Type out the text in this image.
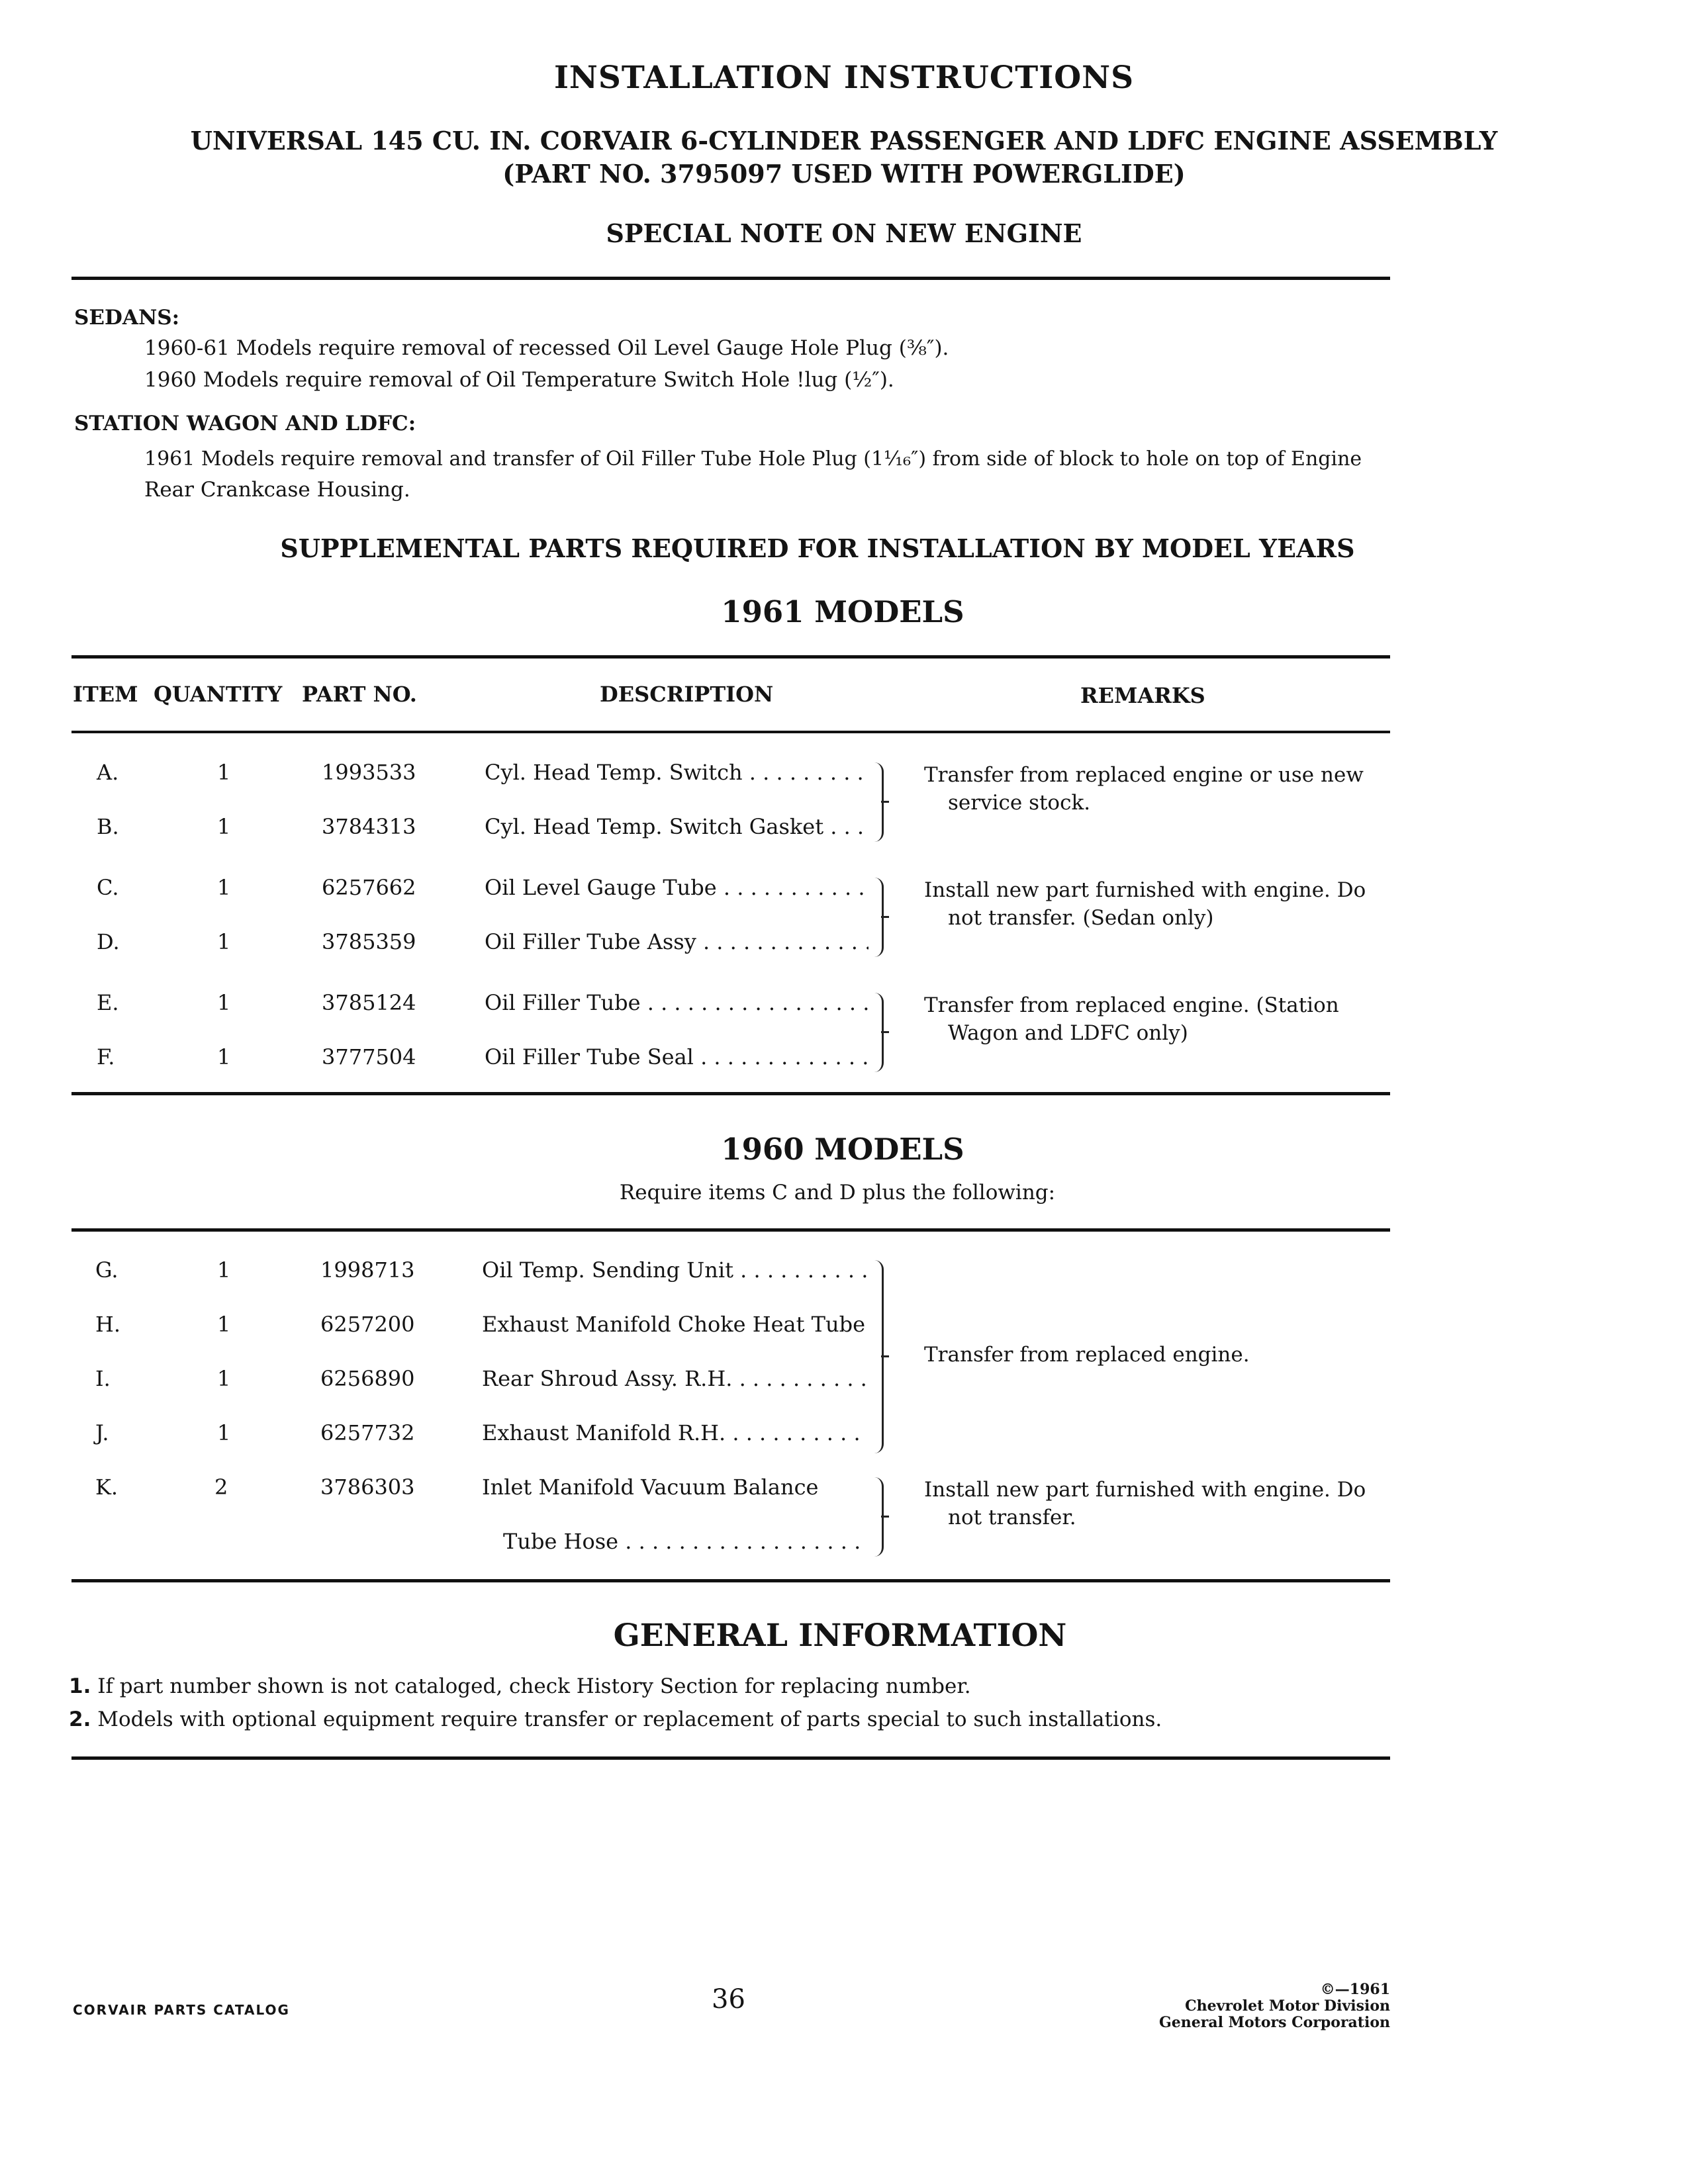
INSTALLATION INSTRUCTIONS
UNIVERSAL 145 CU. IN. CORVAIR 6-CYLINDER PASSENGER AND LDFC ENGINE ASSEMBLY
(PART NO. 3795097 USED WITH POWERGLIDE)
SPECIAL NOTE ON NEW ENGINE
SEDANS:
1960-61 Models require removal of recessed Oil Level Gauge Hole Plug (⅜″).
1960 Models require removal of Oil Temperature Switch Hole !lug (½″).
STATION WAGON AND LDFC:
1961 Models require removal and transfer of Oil Filler Tube Hole Plug (1¹⁄₁₆″) from side of block to hole on top of Engine
Rear Crankcase Housing.
SUPPLEMENTAL PARTS REQUIRED FOR INSTALLATION BY MODEL YEARS
1961 MODELS
ITEM QUANTITY PART NO.	DESCRIPTION	REMARKS
A.	1	1993533	Cyl. Head Temp. Switch . . .
B.	1	3784313	Cyl. Head Temp. Switch Gasket . . .
Transfer from replaced engine or use new
service stock.
C.	1	6257662	Oil Level Gauge Tube . . .
D.	1	3785359	Oil Filler Tube Assy . . .
Install new part furnished with engine. Do
not transfer. (Sedan only)
E.	1	3785124	Oil Filler Tube . . .
F.	1	3777504	Oil Filler Tube Seal . . .
Transfer from replaced engine. (Station
Wagon and LDFC only)
1960 MODELS
Require items C and D plus the following:
G.	1	1998713	Oil Temp. Sending Unit . . .
H.	1	6257200	Exhaust Manifold Choke Heat Tube . . .
I.	1	6256890	Rear Shroud Assy. R.H. . . .
J.	1	6257732	Exhaust Manifold R.H. . . .
Transfer from replaced engine.
K.	2	3786303	Inlet Manifold Vacuum Balance
Tube Hose . . .
Install new part furnished with engine. Do
not transfer.
GENERAL INFORMATION
1. If part number shown is not cataloged, check History Section for replacing number.
2. Models with optional equipment require transfer or replacement of parts special to such installations.
CORVAIR PARTS CATALOG	36	©—1961
Chevrolet Motor Division
General Motors Corporation
